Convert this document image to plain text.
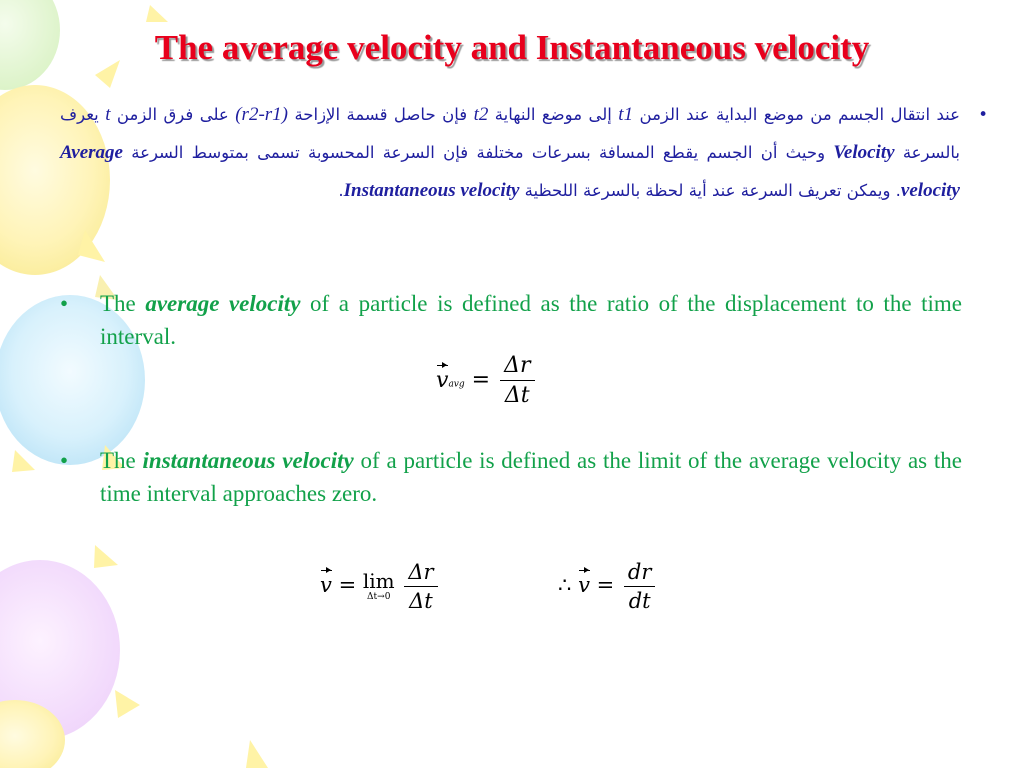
The average velocity and Instantaneous velocity
•
عند انتقال الجسم من موضع البداية عند الزمن t1 إلى موضع النهاية t2 فإن حاصل قسمة الإزاحة (r2-r1) على فرق الزمن t يعرف بالسرعة Velocity وحيث أن الجسم يقطع المسافة بسرعات مختلفة فإن السرعة المحسوبة تسمى بمتوسط السرعة Average velocity. ويمكن تعريف السرعة عند أية لحظة بالسرعة اللحظية Instantaneous velocity.
• The average velocity of a particle is defined as the ratio of the displacement to the time interval.
vavg = $\frac{\Delta r}{\Delta t}$
• The instantaneous velocity of a particle is defined as the limit of the average velocity as the time interval approaches zero.
v = lim
Δt→0
$\frac{\Delta r}{\Delta t}$	∴ $v = \frac{dr}{dt}$
